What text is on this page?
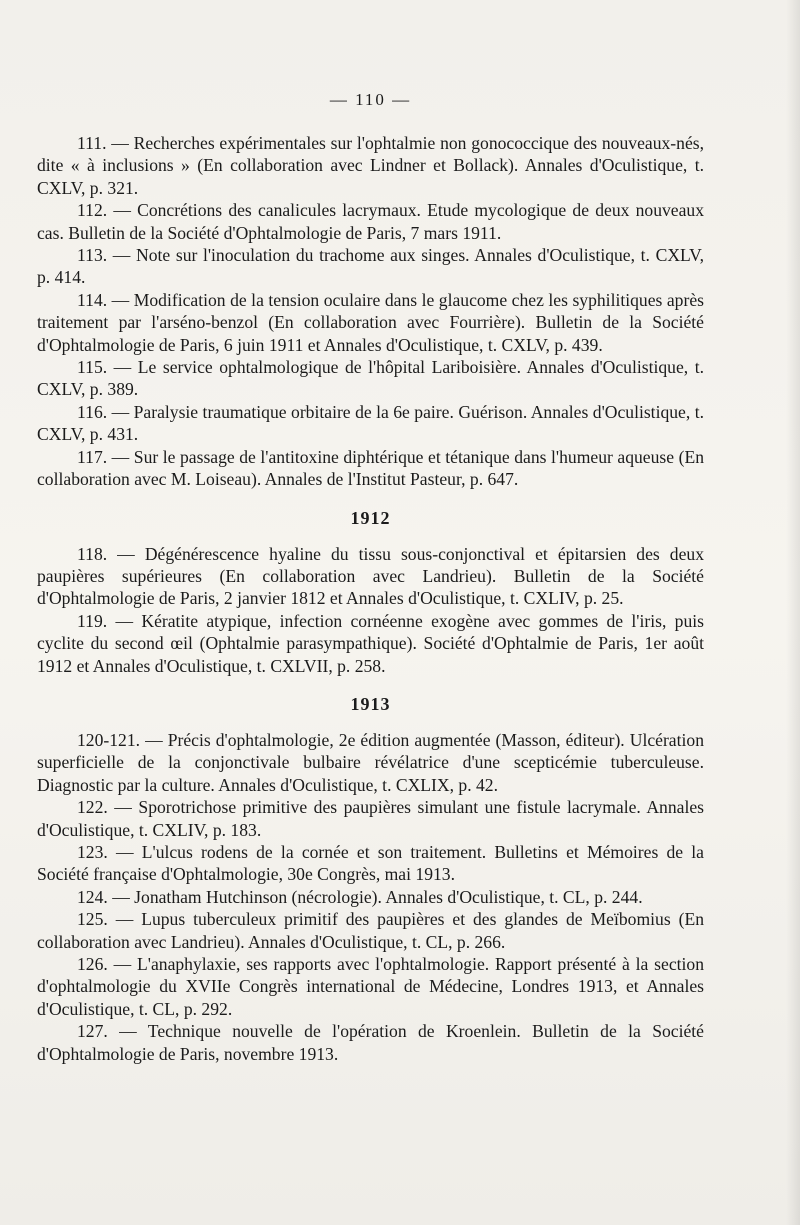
— 110 —

111. — Recherches expérimentales sur l'ophtalmie non gonococcique des nouveaux-nés, dite « à inclusions » (En collaboration avec Lindner et Bollack). Annales d'Oculistique, t. CXLV, p. 321.

112. — Concrétions des canalicules lacrymaux. Etude mycologique de deux nouveaux cas. Bulletin de la Société d'Ophtalmologie de Paris, 7 mars 1911.

113. — Note sur l'inoculation du trachome aux singes. Annales d'Oculistique, t. CXLV, p. 414.

114. — Modification de la tension oculaire dans le glaucome chez les syphilitiques après traitement par l'arséno-benzol (En collaboration avec Fourrière). Bulletin de la Société d'Ophtalmologie de Paris, 6 juin 1911 et Annales d'Oculistique, t. CXLV, p. 439.

115. — Le service ophtalmologique de l'hôpital Lariboisière. Annales d'Oculistique, t. CXLV, p. 389.

116. — Paralysie traumatique orbitaire de la 6e paire. Guérison. Annales d'Oculistique, t. CXLV, p. 431.

117. — Sur le passage de l'antitoxine diphtérique et tétanique dans l'humeur aqueuse (En collaboration avec M. Loiseau). Annales de l'Institut Pasteur, p. 647.

1912

118. — Dégénérescence hyaline du tissu sous-conjonctival et épitarsien des deux paupières supérieures (En collaboration avec Landrieu). Bulletin de la Société d'Ophtalmologie de Paris, 2 janvier 1812 et Annales d'Oculistique, t. CXLIV, p. 25.

119. — Kératite atypique, infection cornéenne exogène avec gommes de l'iris, puis cyclite du second œil (Ophtalmie parasympathique). Société d'Ophtalmie de Paris, 1er août 1912 et Annales d'Oculistique, t. CXLVII, p. 258.

1913

120-121. — Précis d'ophtalmologie, 2e édition augmentée (Masson, éditeur). Ulcération superficielle de la conjonctivale bulbaire révélatrice d'une scepticémie tuberculeuse. Diagnostic par la culture. Annales d'Oculistique, t. CXLIX, p. 42.

122. — Sporotrichose primitive des paupières simulant une fistule lacrymale. Annales d'Oculistique, t. CXLIV, p. 183.

123. — L'ulcus rodens de la cornée et son traitement. Bulletins et Mémoires de la Société française d'Ophtalmologie, 30e Congrès, mai 1913.

124. — Jonatham Hutchinson (nécrologie). Annales d'Oculistique, t. CL, p. 244.

125. — Lupus tuberculeux primitif des paupières et des glandes de Meïbomius (En collaboration avec Landrieu). Annales d'Oculistique, t. CL, p. 266.

126. — L'anaphylaxie, ses rapports avec l'ophtalmologie. Rapport présenté à la section d'ophtalmologie du XVIIe Congrès international de Médecine, Londres 1913, et Annales d'Oculistique, t. CL, p. 292.

127. — Technique nouvelle de l'opération de Kroenlein. Bulletin de la Société d'Ophtalmologie de Paris, novembre 1913.
